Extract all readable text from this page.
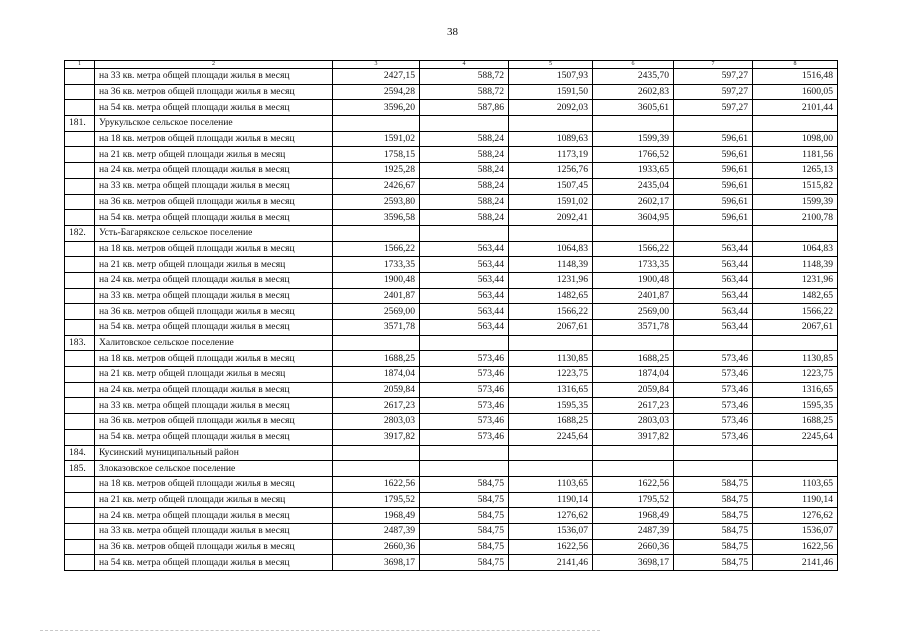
38
1	2	3	4	5	6	7	8
	на 33 кв. метра общей площади жилья в месяц	2427,15	588,72	1507,93	2435,70	597,27	1516,48
	на 36 кв. метров общей площади жилья в месяц	2594,28	588,72	1591,50	2602,83	597,27	1600,05
	на 54 кв. метра общей площади жилья в месяц	3596,20	587,86	2092,03	3605,61	597,27	2101,44
181.	Урукульское сельское поселение						
	на 18 кв. метров общей площади жилья в месяц	1591,02	588,24	1089,63	1599,39	596,61	1098,00
	на 21 кв. метр общей площади жилья в месяц	1758,15	588,24	1173,19	1766,52	596,61	1181,56
	на 24 кв. метра общей площади жилья в месяц	1925,28	588,24	1256,76	1933,65	596,61	1265,13
	на 33 кв. метра общей площади жилья в месяц	2426,67	588,24	1507,45	2435,04	596,61	1515,82
	на 36 кв. метров общей площади жилья в месяц	2593,80	588,24	1591,02	2602,17	596,61	1599,39
	на 54 кв. метра общей площади жилья в месяц	3596,58	588,24	2092,41	3604,95	596,61	2100,78
182.	Усть-Багарякское сельское поселение						
	на 18 кв. метров общей площади жилья в месяц	1566,22	563,44	1064,83	1566,22	563,44	1064,83
	на 21 кв. метр общей площади жилья в месяц	1733,35	563,44	1148,39	1733,35	563,44	1148,39
	на 24 кв. метра общей площади жилья в месяц	1900,48	563,44	1231,96	1900,48	563,44	1231,96
	на 33 кв. метра общей площади жилья в месяц	2401,87	563,44	1482,65	2401,87	563,44	1482,65
	на 36 кв. метров общей площади жилья в месяц	2569,00	563,44	1566,22	2569,00	563,44	1566,22
	на 54 кв. метра общей площади жилья в месяц	3571,78	563,44	2067,61	3571,78	563,44	2067,61
183.	Халитовское сельское поселение						
	на 18 кв. метров общей площади жилья в месяц	1688,25	573,46	1130,85	1688,25	573,46	1130,85
	на 21 кв. метр общей площади жилья в месяц	1874,04	573,46	1223,75	1874,04	573,46	1223,75
	на 24 кв. метра общей площади жилья в месяц	2059,84	573,46	1316,65	2059,84	573,46	1316,65
	на 33 кв. метра общей площади жилья в месяц	2617,23	573,46	1595,35	2617,23	573,46	1595,35
	на 36 кв. метров общей площади жилья в месяц	2803,03	573,46	1688,25	2803,03	573,46	1688,25
	на 54 кв. метра общей площади жилья в месяц	3917,82	573,46	2245,64	3917,82	573,46	2245,64
184.	Кусинский муниципальный район						
185.	Злоказовское сельское поселение						
	на 18 кв. метров общей площади жилья в месяц	1622,56	584,75	1103,65	1622,56	584,75	1103,65
	на 21 кв. метр общей площади жилья в месяц	1795,52	584,75	1190,14	1795,52	584,75	1190,14
	на 24 кв. метра общей площади жилья в месяц	1968,49	584,75	1276,62	1968,49	584,75	1276,62
	на 33 кв. метра общей площади жилья в месяц	2487,39	584,75	1536,07	2487,39	584,75	1536,07
	на 36 кв. метров общей площади жилья в месяц	2660,36	584,75	1622,56	2660,36	584,75	1622,56
	на 54 кв. метра общей площади жилья в месяц	3698,17	584,75	2141,46	3698,17	584,75	2141,46
